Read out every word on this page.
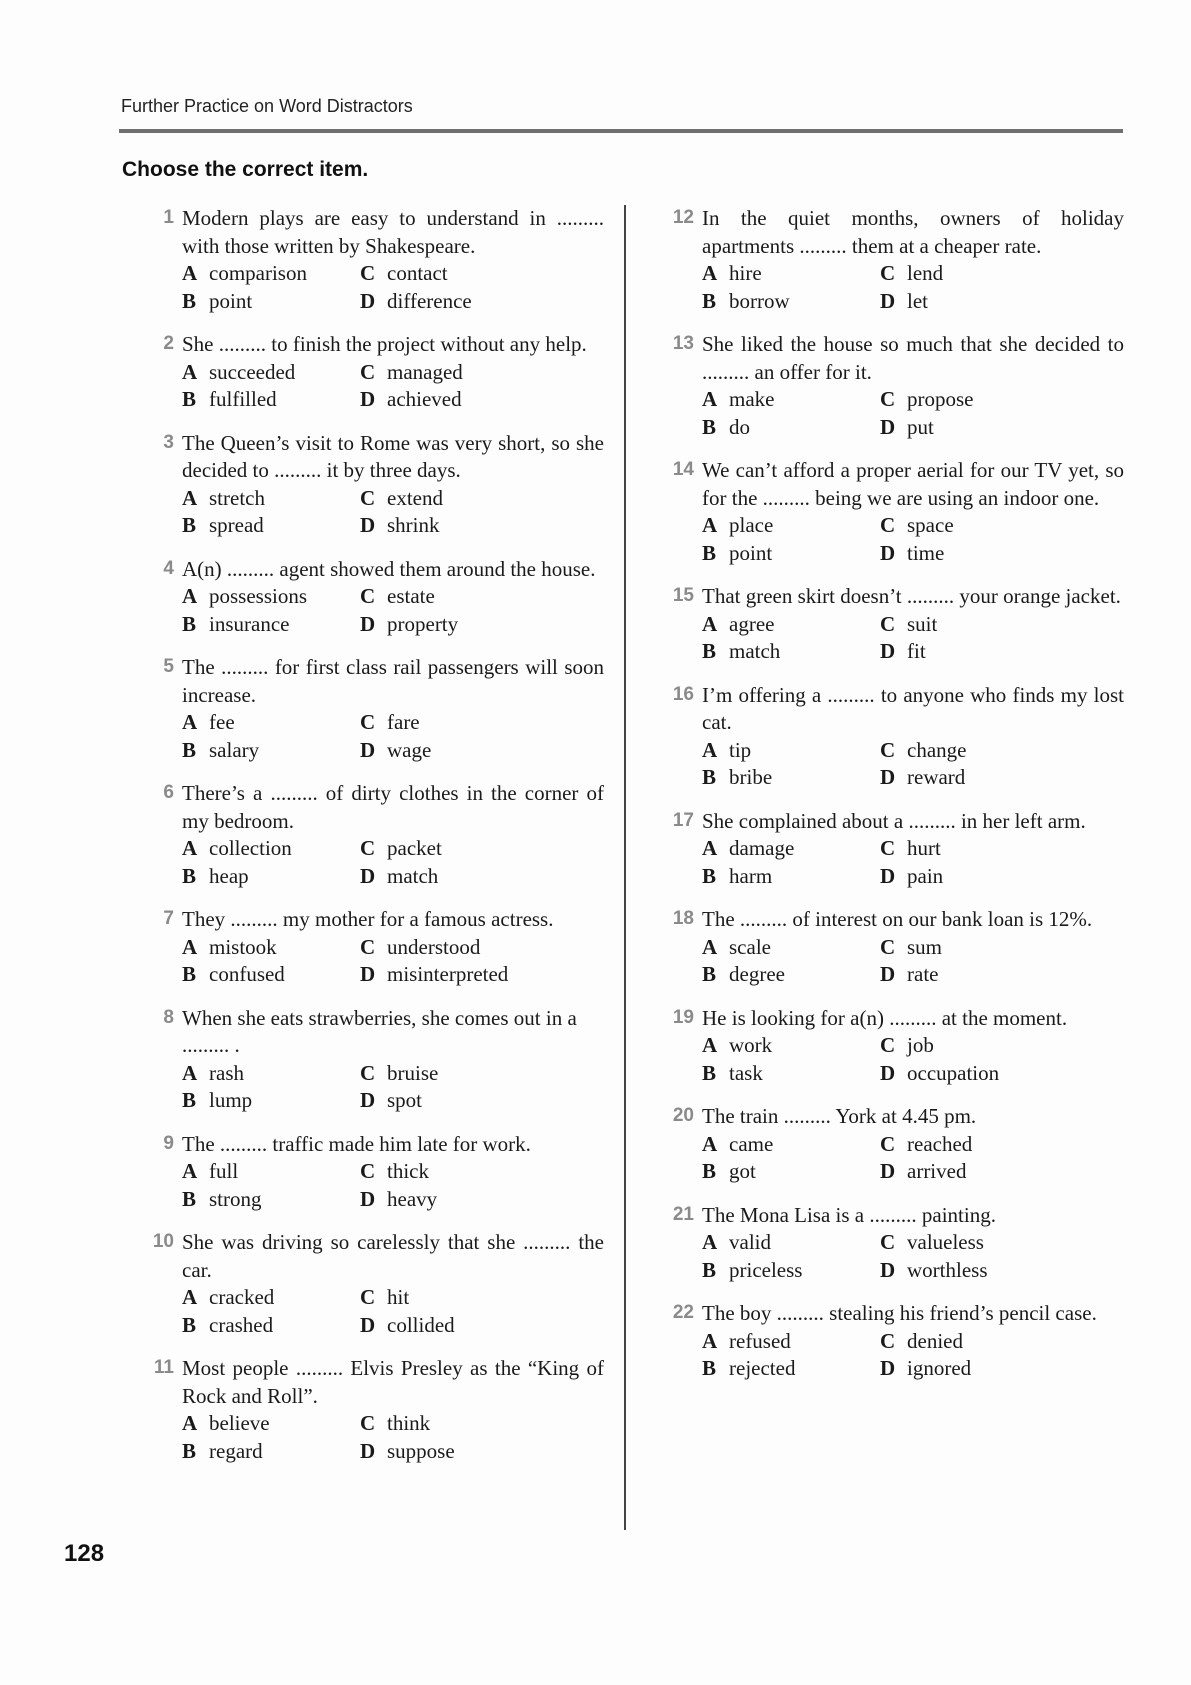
Further Practice on Word Distractors
Choose the correct item.
1 Modern plays are easy to understand in ......... with those written by Shakespeare.
A comparison	C contact
B point	D difference
2 She ......... to finish the project without any help.
A succeeded	C managed
B fulfilled	D achieved
3 The Queen’s visit to Rome was very short, so she decided to ......... it by three days.
A stretch	C extend
B spread	D shrink
4 A(n) ......... agent showed them around the house.
A possessions	C estate
B insurance	D property
5 The ......... for first class rail passengers will soon increase.
A fee	C fare
B salary	D wage
6 There’s a ......... of dirty clothes in the corner of my bedroom.
A collection	C packet
B heap	D match
7 They ......... my mother for a famous actress.
A mistook	C understood
B confused	D misinterpreted
8 When she eats strawberries, she comes out in a
......... .
A rash	C bruise
B lump	D spot
9 The ......... traffic made him late for work.
A full	C thick
B strong	D heavy
10 She was driving so carelessly that she ......... the car.
A cracked	C hit
B crashed	D collided
11 Most people ......... Elvis Presley as the “King of Rock and Roll”.
A believe	C think
B regard	D suppose
12 In the quiet months, owners of holiday apartments ......... them at a cheaper rate.
A hire	C lend
B borrow	D let
13 She liked the house so much that she decided to ......... an offer for it.
A make	C propose
B do	D put
14 We can’t afford a proper aerial for our TV yet, so for the ......... being we are using an indoor one.
A place	C space
B point	D time
15 That green skirt doesn’t ......... your orange jacket.
A agree	C suit
B match	D fit
16 I’m offering a ......... to anyone who finds my lost cat.
A tip	C change
B bribe	D reward
17 She complained about a ......... in her left arm.
A damage	C hurt
B harm	D pain
18 The ......... of interest on our bank loan is 12%.
A scale	C sum
B degree	D rate
19 He is looking for a(n) ......... at the moment.
A work	C job
B task	D occupation
20 The train ......... York at 4.45 pm.
A came	C reached
B got	D arrived
21 The Mona Lisa is a ......... painting.
A valid	C valueless
B priceless	D worthless
22 The boy ......... stealing his friend’s pencil case.
A refused	C denied
B rejected	D ignored
128
